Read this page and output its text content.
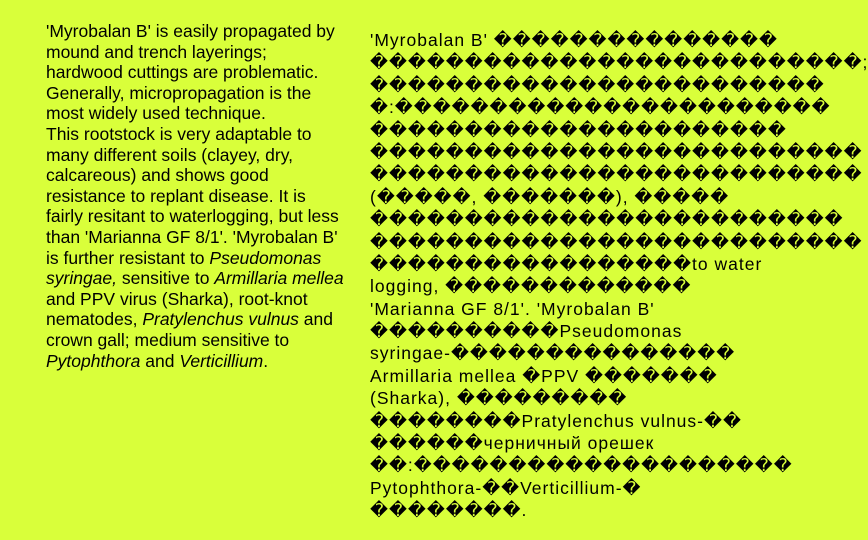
'Myrobalan B' is easily propagated by mound and trench layerings; hardwood cuttings are problematic. Generally, micropropagation is the most widely used technique.

This rootstock is very adaptable to many different soils (clayey, dry, calcareous) and shows good resistance to replant disease. It is fairly resitant to waterlogging, but less than 'Marianna GF 8/1'. 'Myrobalan B' is further resistant to Pseudomonas syringae, sensitive to Armillaria mellea and PPV virus (Sharka), root-knot nematodes, Pratylenchus vulnus and crown gall; medium sensitive to Pytophthora and Verticillium.

'Myrobalan B' ���������������
��������������������������;
������������������������
�:�����������������������
����������������������
��������������������������
��������������������������
(�����, �������), �����
�������������������������
��������������������������
�����������������to water
logging, �������������
'Marianna GF 8/1'. 'Myrobalan B'
����������Pseudomonas
syringae-���������������
Armillaria mellea �PPV �������
(Sharka), ���������
��������Pratylenchus vulnus-��
������черничный орешек
��:��������������������
Pytophthora-��Verticillium-�
��������.
